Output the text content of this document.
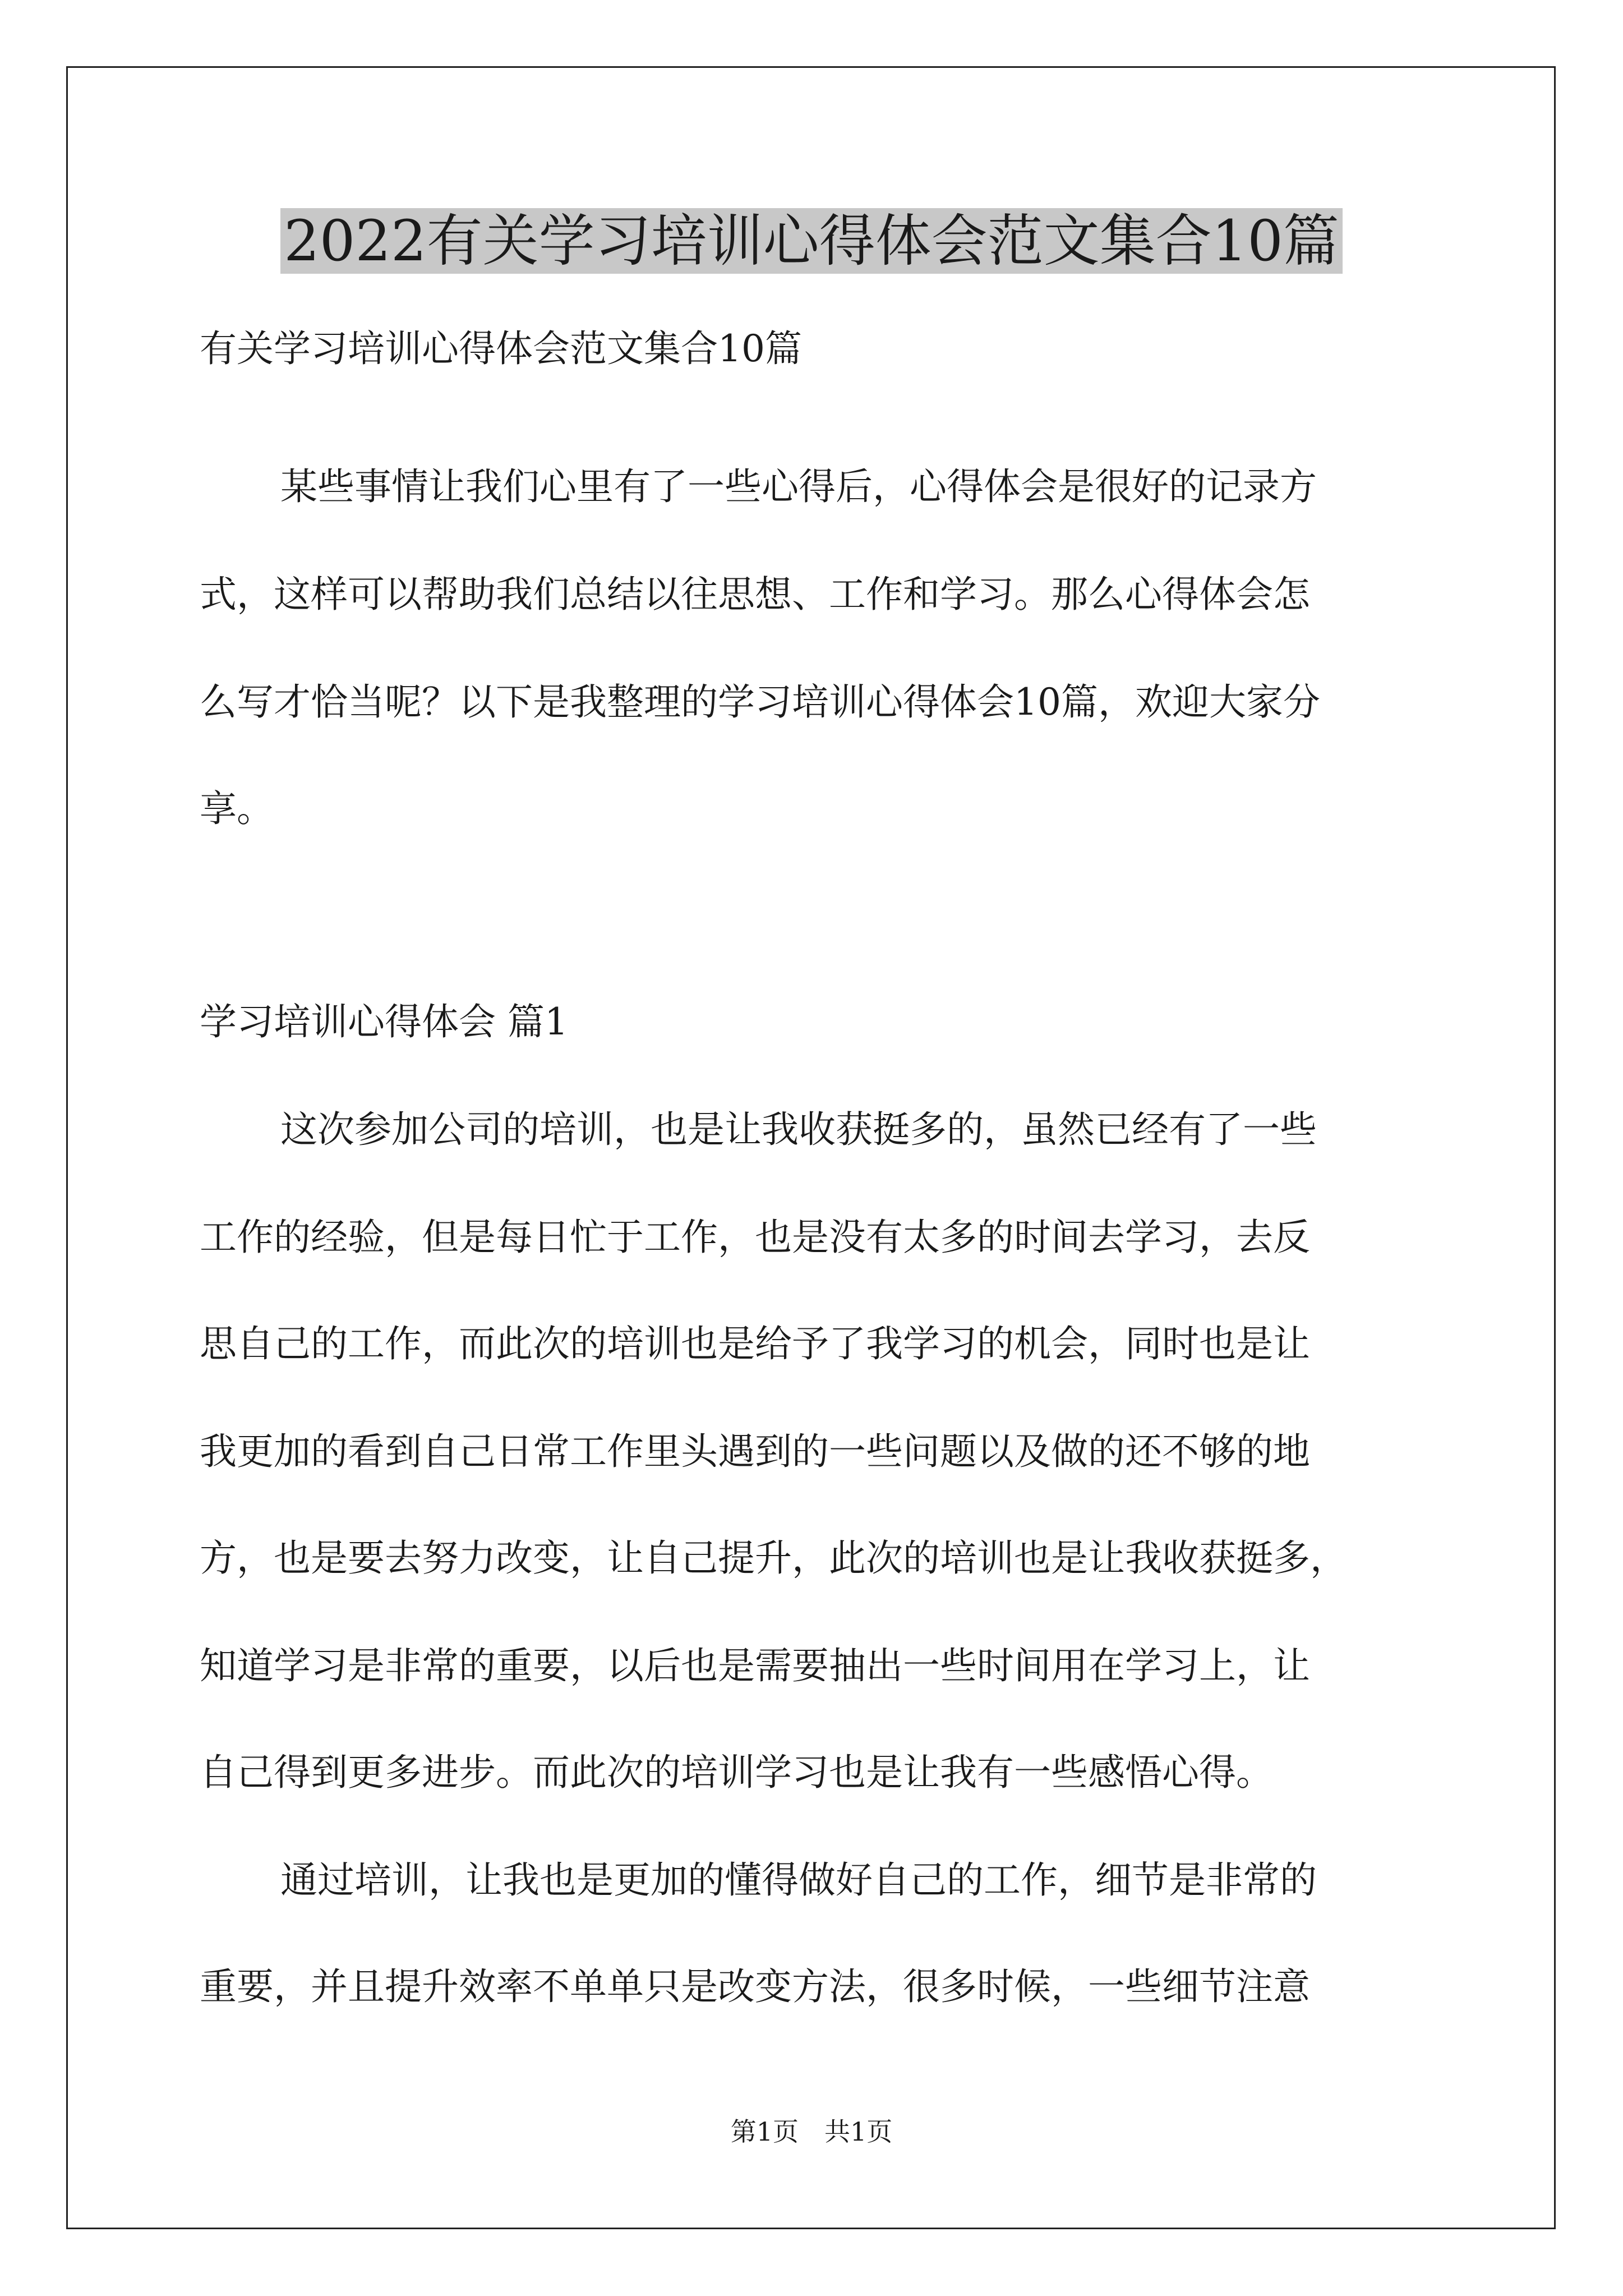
2022有关学习培训心得体会范文集合10篇
有关学习培训心得体会范文集合10篇
某些事情让我们心里有了一些心得后，心得体会是很好的记录方
式，这样可以帮助我们总结以往思想、工作和学习。那么心得体会怎
么写才恰当呢？以下是我整理的学习培训心得体会10篇，欢迎大家分
享。
学习培训心得体会 篇1
这次参加公司的培训，也是让我收获挺多的，虽然已经有了一些
工作的经验，但是每日忙于工作，也是没有太多的时间去学习，去反
思自己的工作，而此次的培训也是给予了我学习的机会，同时也是让
我更加的看到自己日常工作里头遇到的一些问题以及做的还不够的地
方，也是要去努力改变，让自己提升，此次的培训也是让我收获挺多，
知道学习是非常的重要，以后也是需要抽出一些时间用在学习上，让
自己得到更多进步。而此次的培训学习也是让我有一些感悟心得。
通过培训，让我也是更加的懂得做好自己的工作，细节是非常的
重要，并且提升效率不单单只是改变方法，很多时候，一些细节注意
第1页　共1页
